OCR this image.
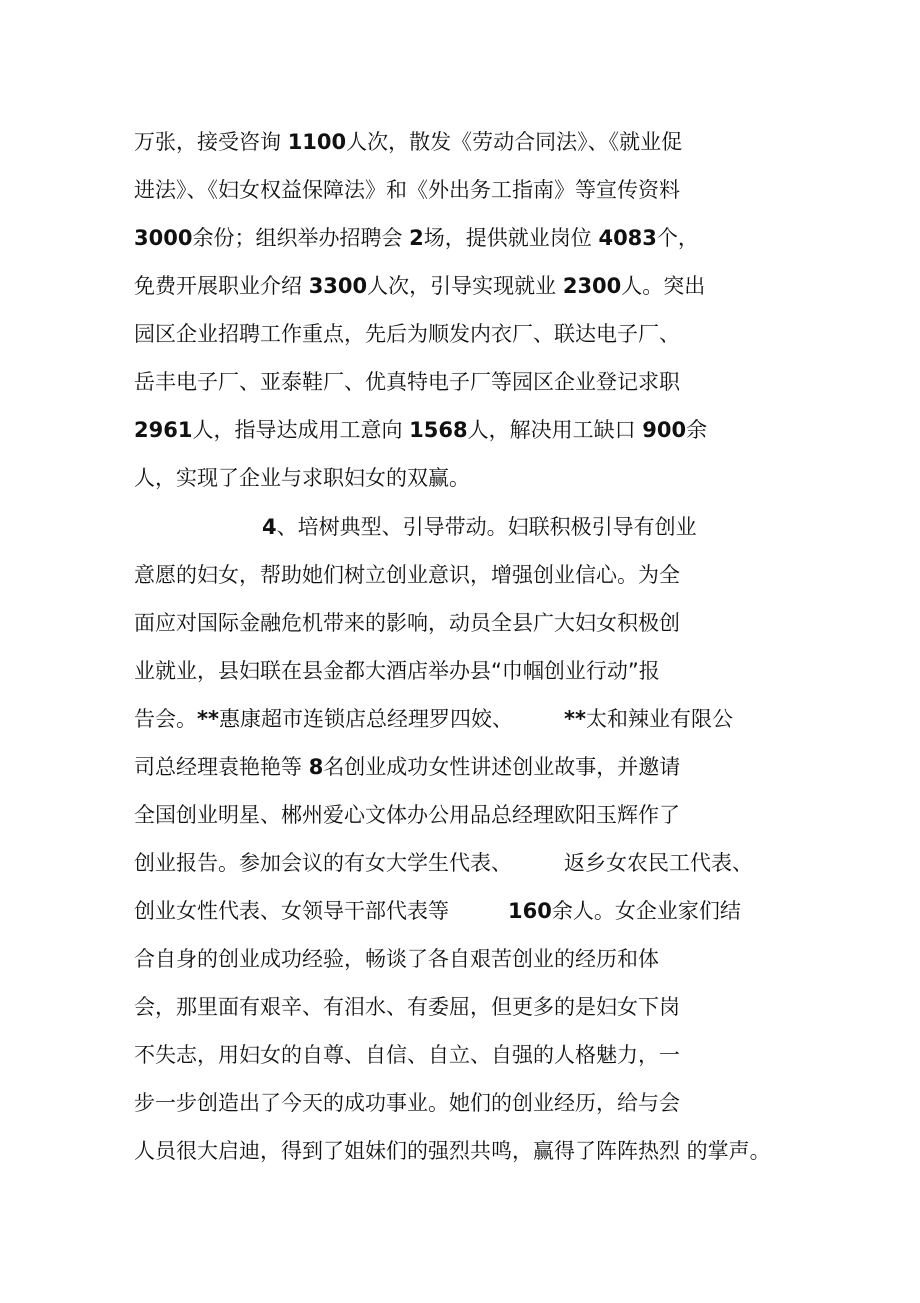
万张，接受咨询 1100人次，散发《劳动合同法》、《就业促
进法》、《妇女权益保障法》和《外出务工指南》等宣传资料
3000余份；组织举办招聘会 2场，提供就业岗位 4083个，
免费开展职业介绍 3300人次，引导实现就业 2300人。突出
园区企业招聘工作重点，先后为顺发内衣厂、联达电子厂、
岳丰电子厂、亚泰鞋厂、优真特电子厂等园区企业登记求职
2961人，指导达成用工意向 1568人，解决用工缺口 900余
人，实现了企业与求职妇女的双赢。
4、培树典型、引导带动。妇联积极引导有创业
意愿的妇女，帮助她们树立创业意识，增强创业信心。为全
面应对国际金融危机带来的影响，动员全县广大妇女积极创
业就业，县妇联在县金都大酒店举办县“巾帼创业行动”报
告会。**惠康超市连锁店总经理罗四姣、 **太和辣业有限公
司总经理袁艳艳等 8名创业成功女性讲述创业故事，并邀请
全国创业明星、郴州爱心文体办公用品总经理欧阳玉辉作了
创业报告。参加会议的有女大学生代表、 返乡女农民工代表、
创业女性代表、女领导干部代表等	160余人。女企业家们结
合自身的创业成功经验，畅谈了各自艰苦创业的经历和体
会，那里面有艰辛、有泪水、有委屈，但更多的是妇女下岗
不失志，用妇女的自尊、自信、自立、自强的人格魅力，一
步一步创造出了今天的成功事业。她们的创业经历，给与会
人员很大启迪，得到了姐妹们的强烈共鸣，赢得了阵阵热烈 的掌声。
